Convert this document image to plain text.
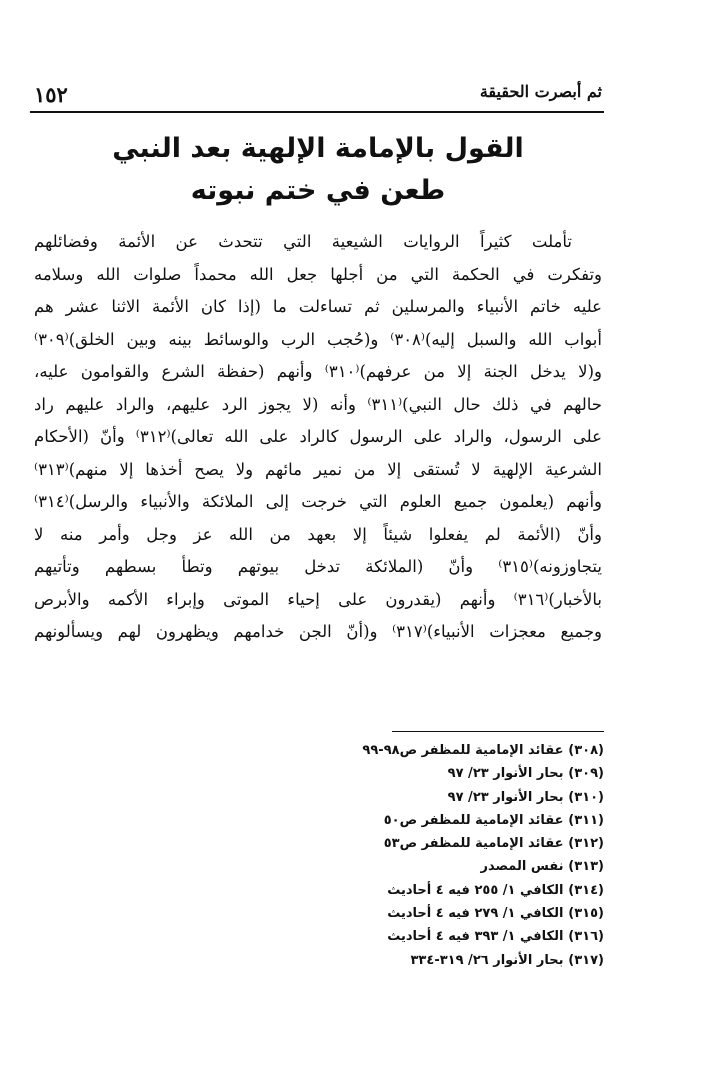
١٥٢	ثم أبصرت الحقيقة
القول بالإمامة الإلهية بعد النبي
طعن في ختم نبوته
تأملت كثيراً الروايات الشيعية التي تتحدث عن الأئمة وفضائلهم
وتفكرت في الحكمة التي من أجلها جعل الله محمداً صلوات الله وسلامه
عليه خاتم الأنبياء والمرسلين ثم تساءلت ما (إذا كان الأئمة الاثنا عشر هم
أبواب الله والسبل إليه)⁽٣٠٨⁾ و(حُجب الرب والوسائط بينه وبين الخلق)⁽٣٠٩⁾
و(لا يدخل الجنة إلا من عرفهم)⁽٣١٠⁾ وأنهم (حفظة الشرع والقوامون عليه،
حالهم في ذلك حال النبي)⁽٣١١⁾ وأنه (لا يجوز الرد عليهم، والراد عليهم راد
على الرسول، والراد على الرسول كالراد على الله تعالى)⁽٣١٢⁾ وأنّ (الأحكام
الشرعية الإلهية لا تُستقى إلا من نمير مائهم ولا يصح أخذها إلا منهم)⁽٣١٣⁾
وأنهم (يعلمون جميع العلوم التي خرجت إلى الملائكة والأنبياء والرسل)⁽٣١٤⁾
وأنّ (الأئمة لم يفعلوا شيئاً إلا بعهد من الله عز وجل وأمر منه لا
يتجاوزونه)⁽٣١٥⁾ وأنّ (الملائكة تدخل بيوتهم وتطأ بسطهم وتأتيهم
بالأخبار)⁽٣١٦⁾ وأنهم (يقدرون على إحياء الموتى وإبراء الأكمه والأبرص
وجميع معجزات الأنبياء)⁽٣١٧⁾ و(أنّ الجن خدامهم ويظهرون لهم ويسألونهم
(٣٠٨) عقائد الإمامية للمظفر ص٩٨-٩٩
(٣٠٩) بحار الأنوار ٢٣/ ٩٧
(٣١٠) بحار الأنوار ٢٣/ ٩٧
(٣١١) عقائد الإمامية للمظفر ص٥٠
(٣١٢) عقائد الإمامية للمظفر ص٥٣
(٣١٣) نفس المصدر
(٣١٤) الكافي ١/ ٢٥٥ فيه ٤ أحاديث
(٣١٥) الكافي ١/ ٢٧٩ فيه ٤ أحاديث
(٣١٦) الكافي ١/ ٣٩٣ فيه ٤ أحاديث
(٣١٧) بحار الأنوار ٢٦/ ٣١٩-٣٣٤
